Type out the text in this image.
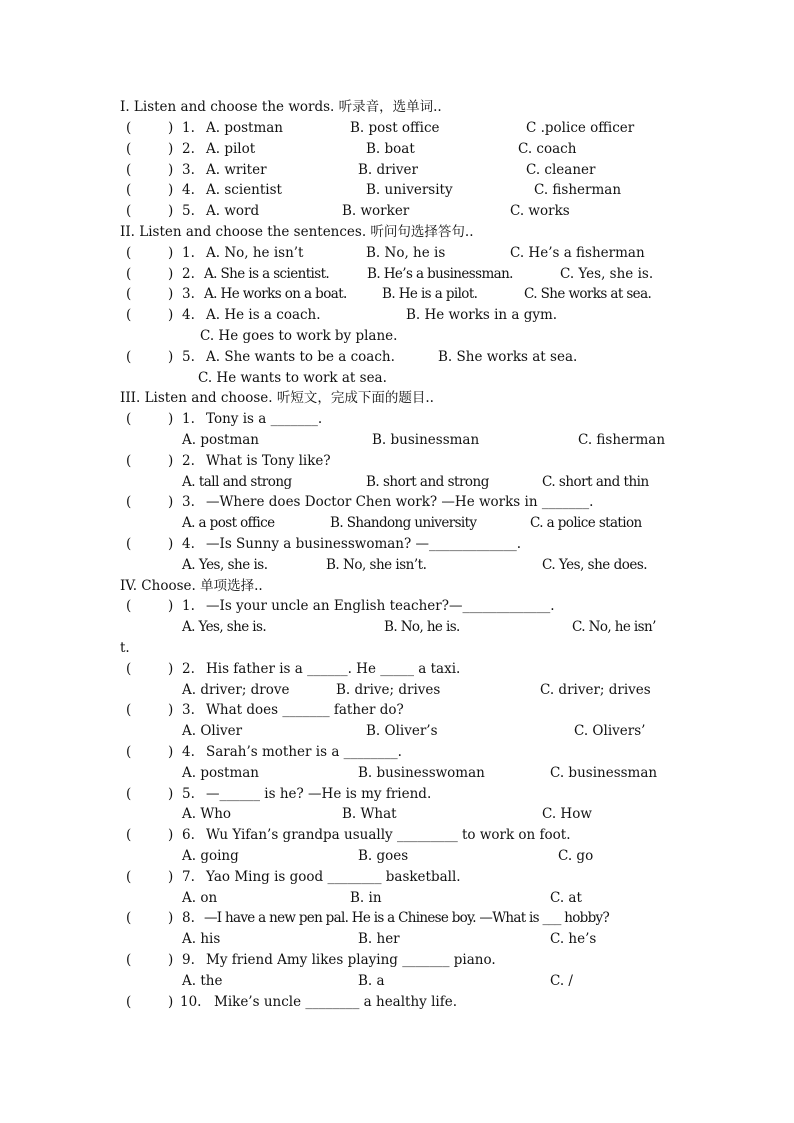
I. Listen and choose the words. 听录音，选单词..
1. A. postman	B. post office	C .police officer
2. A. pilot	B. boat	C. coach
3. A. writer	B. driver	C. cleaner
4. A. scientist	B. university	C. fisherman
5. A. word	B. worker	C. works
II. Listen and choose the sentences. 听问句选择答句..
1. A. No, he isn’t	B. No, he is	C. He’s a fisherman
2. A. She is a scientist.	B. He’s a businessman.	C. Yes, she is.
3. A. He works on a boat.	B. He is a pilot.	C. She works at sea.
4. A. He is a coach.	B. He works in a gym.
C. He goes to work by plane.
5. A. She wants to be a coach.	B. She works at sea.
C. He wants to work at sea.
III. Listen and choose. 听短文，完成下面的题目..
1. Tony is a _______.
A. postman	B. businessman	C. fisherman
2. What is Tony like?
A. tall and strong	B. short and strong	C. short and thin
3. —Where does Doctor Chen work? —He works in _______.
A. a post office	B. Shandong university	C. a police station
4. —Is Sunny a businesswoman? —_____________.
A. Yes, she is.	B. No, she isn’t.	C. Yes, she does.
IV. Choose. 单项选择..
1. —Is your uncle an English teacher?—_____________.
A. Yes, she is.	B. No, he is.	C. No, he isn’
t.
2. His father is a ______. He _____ a taxi.
A. driver; drove	B. drive; drives	C. driver; drives
3. What does _______ father do?
A. Oliver	B. Oliver’s	C. Olivers’
4. Sarah’s mother is a ________.
A. postman	B. businesswoman	C. businessman
5. —______ is he? —He is my friend.
A. Who	B. What	C. How
6. Wu Yifan’s grandpa usually _________ to work on foot.
A. going	B. goes	C. go
7. Yao Ming is good ________ basketball.
A. on	B. in	C. at
8. —I have a new pen pal. He is a Chinese boy. —What is ___ hobby?
A. his	B. her	C. he’s
9. My friend Amy likes playing _______ piano.
A. the	B. a	C. /
10. Mike’s uncle ________ a healthy life.
